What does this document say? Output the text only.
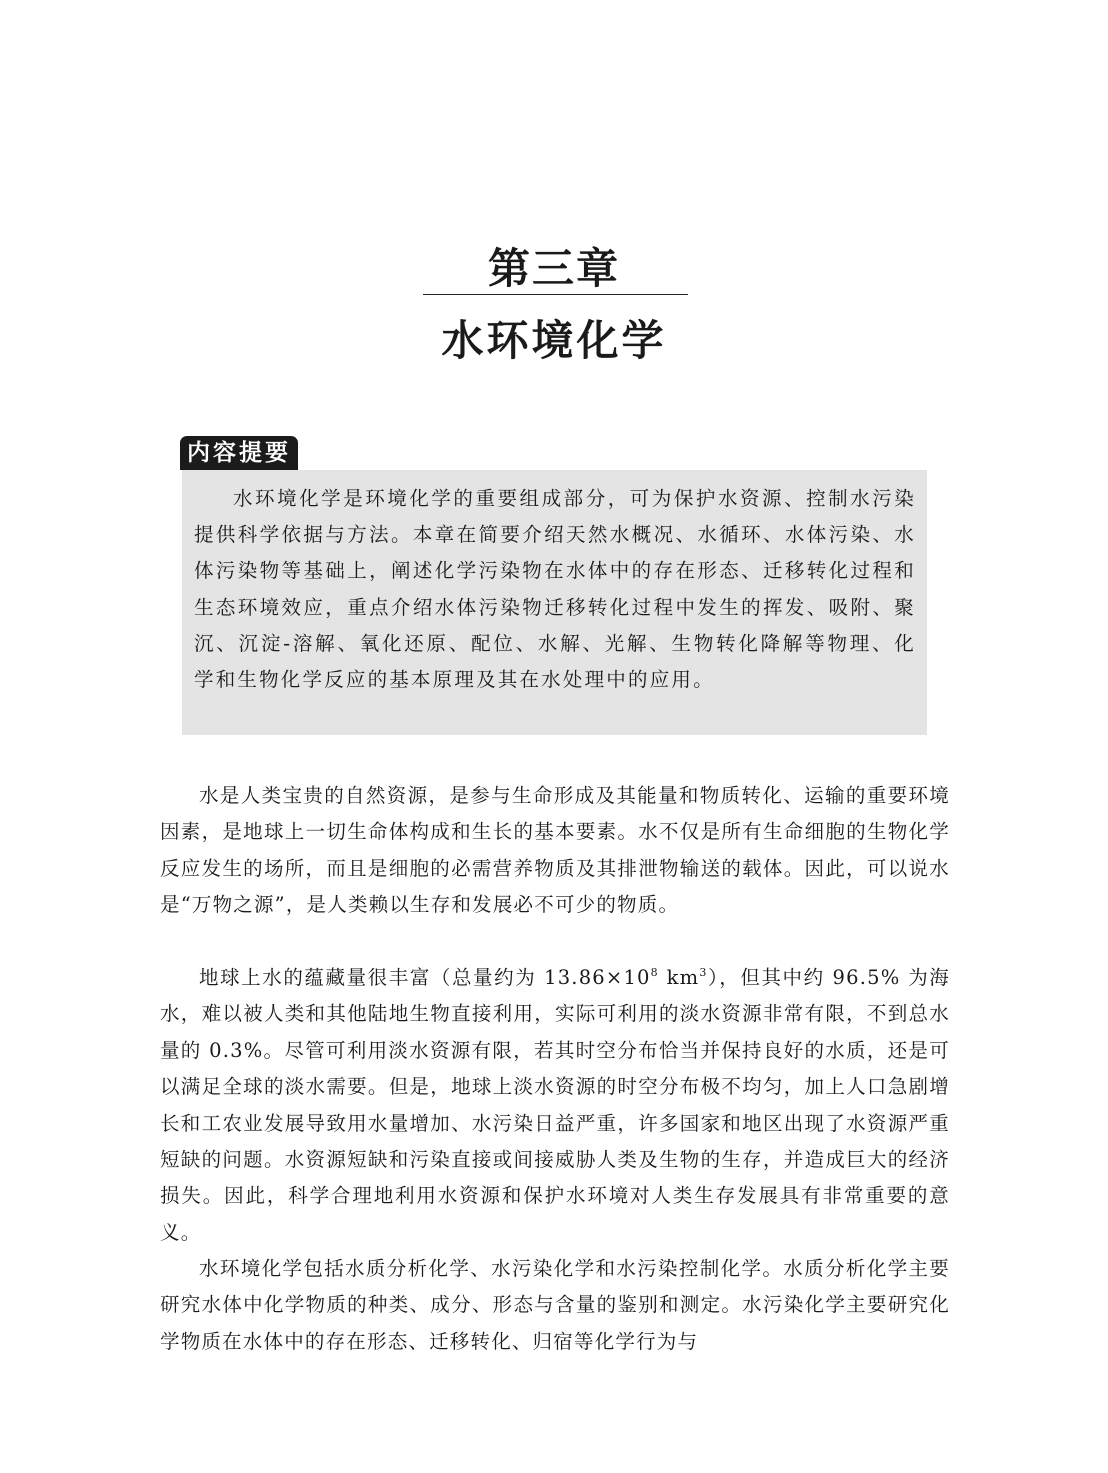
第三章
水环境化学
内容提要

水环境化学是环境化学的重要组成部分，可为保护水资源、控制水污染提供科学依据与方法。本章在简要介绍天然水概况、水循环、水体污染、水体污染物等基础上，阐述化学污染物在水体中的存在形态、迁移转化过程和生态环境效应，重点介绍水体污染物迁移转化过程中发生的挥发、吸附、聚沉、沉淀-溶解、氧化还原、配位、水解、光解、生物转化降解等物理、化学和生物化学反应的基本原理及其在水处理中的应用。

水是人类宝贵的自然资源，是参与生命形成及其能量和物质转化、运输的重要环境因素，是地球上一切生命体构成和生长的基本要素。水不仅是所有生命细胞的生物化学反应发生的场所，而且是细胞的必需营养物质及其排泄物输送的载体。因此，可以说水是“万物之源”，是人类赖以生存和发展必不可少的物质。

地球上水的蕴藏量很丰富（总量约为 $13.86\times 10^8$ $km^3$），但其中约 96.5% 为海水，难以被人类和其他陆地生物直接利用，实际可利用的淡水资源非常有限，不到总水量的 0.3%。尽管可利用淡水资源有限，若其时空分布恰当并保持良好的水质，还是可以满足全球的淡水需要。但是，地球上淡水资源的时空分布极不均匀，加上人口急剧增长和工农业发展导致用水量增加、水污染日益严重，许多国家和地区出现了水资源严重短缺的问题。水资源短缺和污染直接或间接威胁人类及生物的生存，并造成巨大的经济损失。因此，科学合理地利用水资源和保护水环境对人类生存发展具有非常重要的意义。

水环境化学包括水质分析化学、水污染化学和水污染控制化学。水质分析化学主要研究水体中化学物质的种类、成分、形态与含量的鉴别和测定。水污染化学主要研究化学物质在水体中的存在形态、迁移转化、归宿等化学行为与
